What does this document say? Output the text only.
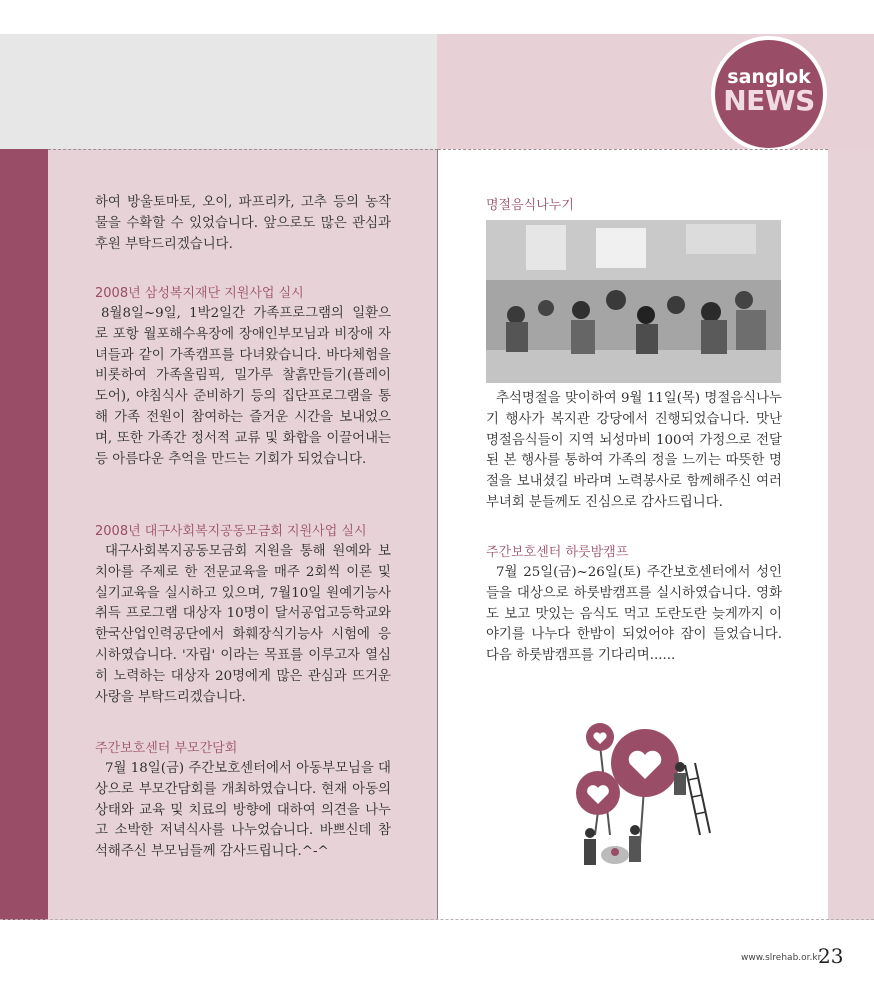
sanglok
NEWS

하여 방울토마토, 오이, 파프리카, 고추 등의 농작물을 수확할 수 있었습니다. 앞으로도 많은 관심과 후원 부탁드리겠습니다.

2008년 삼성복지재단 지원사업 실시

8월8일~9일, 1박2일간 가족프로그램의 일환으로 포항 월포해수욕장에 장애인부모님과 비장애 자녀들과 같이 가족캠프를 다녀왔습니다. 바다체험을 비롯하여 가족올림픽, 밀가루 찰흙만들기(플레이 도어), 야침식사 준비하기 등의 집단프로그램을 통해 가족 전원이 참여하는 즐거운 시간을 보내었으며, 또한 가족간 정서적 교류 및 화합을 이끌어내는 등 아름다운 추억을 만드는 기회가 되었습니다.

2008년 대구사회복지공동모금회 지원사업 실시

대구사회복지공동모금회 지원을 통해 원예와 보치아를 주제로 한 전문교육을 매주 2회씩 이론 및 실기교육을 실시하고 있으며, 7월10일 원예기능사 취득 프로그램 대상자 10명이 달서공업고등학교와 한국산업인력공단에서 화훼장식기능사 시험에 응시하였습니다. '자립' 이라는 목표를 이루고자 열심히 노력하는 대상자 20명에게 많은 관심과 뜨거운 사랑을 부탁드리겠습니다.

주간보호센터 부모간담회

7월 18일(금) 주간보호센터에서 아동부모님을 대상으로 부모간담회를 개최하였습니다. 현재 아동의 상태와 교육 및 치료의 방향에 대하여 의견을 나누고 소박한 저녁식사를 나누었습니다. 바쁘신데 참석해주신 부모님들께 감사드립니다.^-^

명절음식나누기

추석명절을 맞이하여 9월 11일(목) 명절음식나누기 행사가 복지관 강당에서 진행되었습니다. 맛난 명절음식들이 지역 뇌성마비 100여 가정으로 전달된 본 행사를 통하여 가족의 정을 느끼는 따뜻한 명절을 보내셨길 바라며 노력봉사로 함께해주신 여러 부녀회 분들께도 진심으로 감사드립니다.

주간보호센터 하룻밤캠프

7월 25일(금)~26일(토) 주간보호센터에서 성인들을 대상으로 하룻밤캠프를 실시하였습니다. 영화도 보고 맛있는 음식도 먹고 도란도란 늦게까지 이야기를 나누다 한밤이 되었어야 잠이 들었습니다. 다음 하룻밤캠프를 기다리며......

www.slrehab.or.kr
23
